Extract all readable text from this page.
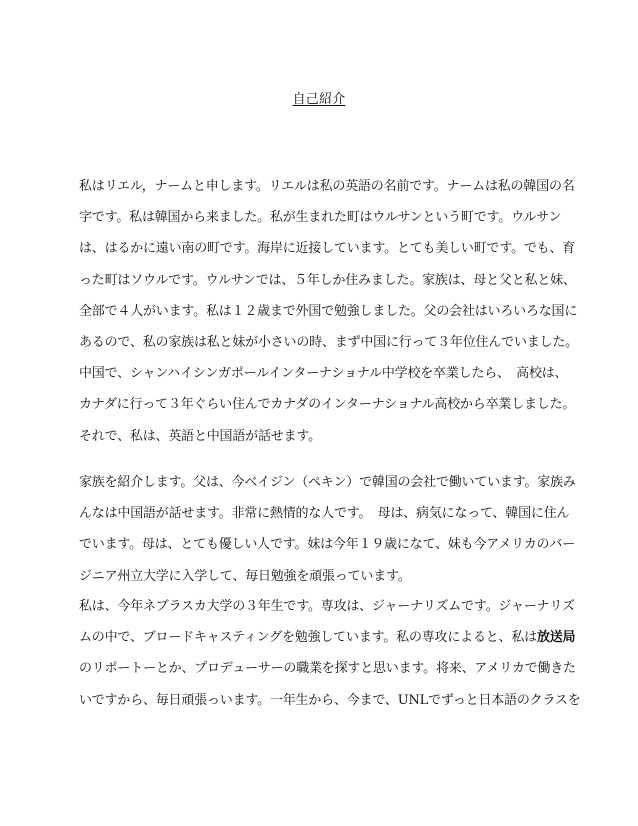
自己紹介
私はリエル，ナームと申します。リエルは私の英語の名前です。ナームは私の韓国の名
字です。私は韓国から来ました。私が生まれた町はウルサンという町です。ウルサン
は、はるかに遠い南の町です。海岸に近接しています。とても美しい町です。でも、育
った町はソウルです。ウルサンでは、５年しか住みました。家族は、母と父と私と妹、
全部で４人がいます。私は１２歳まで外国で勉強しました。父の会社はいろいろな国に
あるので、私の家族は私と妹が小さいの時、まず中国に行って３年位住んでいました。
中国で、シャンハイシンガポールインターナショナル中学校を卒業したら、　高校は、
カナダに行って３年ぐらい住んでカナダのインターナショナル高校から卒業しました。
それで、私は、英語と中国語が話せます。
家族を紹介します。父は、今ベイジン（ペキン）で韓国の会社で働いています。家族み
んなは中国語が話せます。非常に熱情的な人です。　母は、病気になって、韓国に住ん
でいます。母は、とても優しい人です。妹は今年１９歳になて、妹も今アメリカのバー
ジニア州立大学に入学して、毎日勉強を頑張っています。
私は、今年ネブラスカ大学の３年生です。専攻は、ジャーナリズムです。ジャーナリズ
ムの中で、ブロードキャスティングを勉強しています。私の専攻によると、私は放送局
のリポートーとか、プロデューサーの職業を探すと思います。将来、アメリカで働きた
いですから、毎日頑張っいます。一年生から、今まで、UNLでずっと日本語のクラスを
